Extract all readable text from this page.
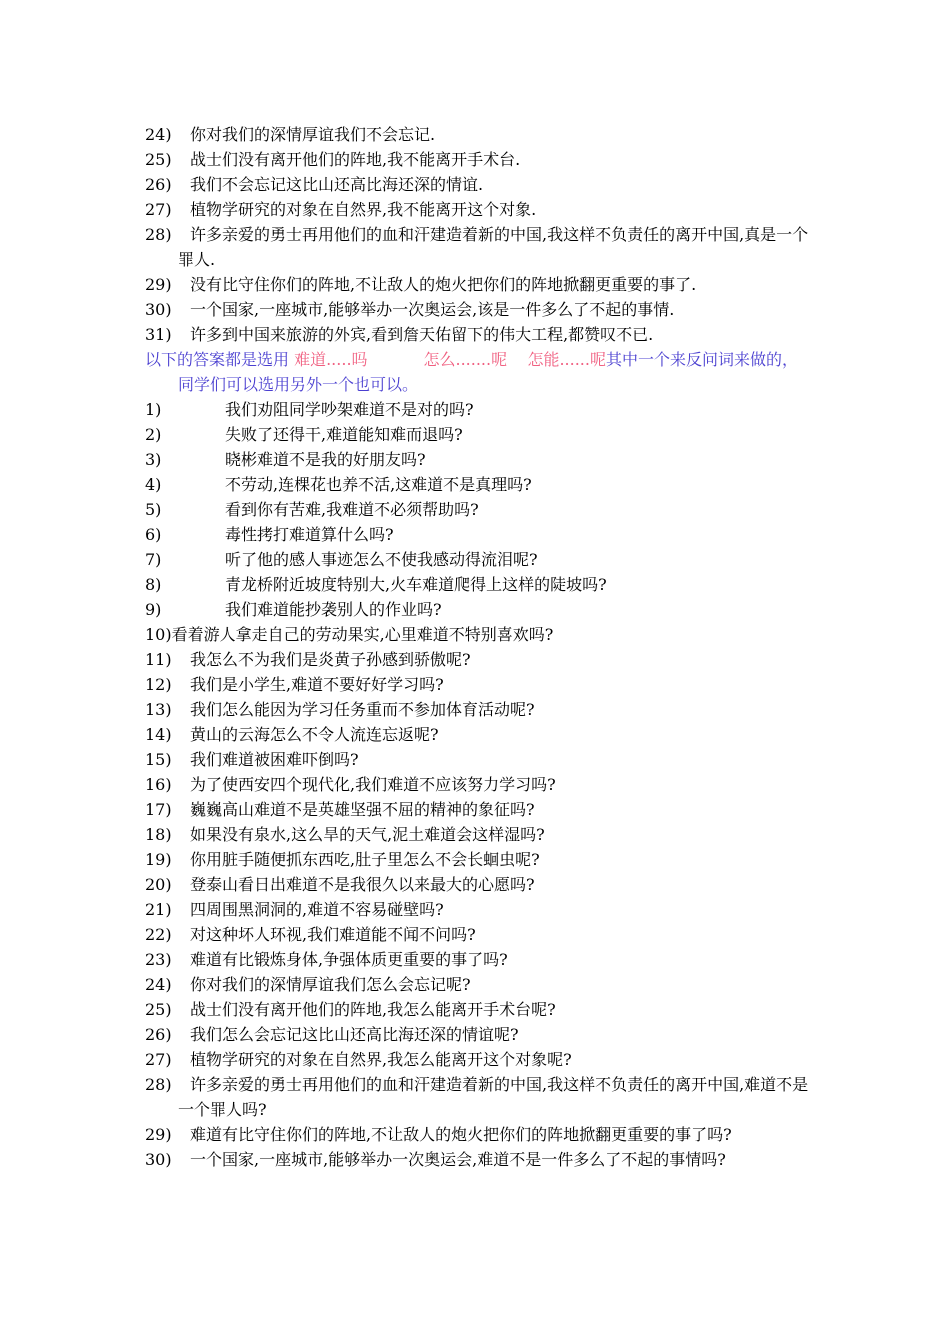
24) 你对我们的深情厚谊我们不会忘记.
25) 战士们没有离开他们的阵地,我不能离开手术台.
26) 我们不会忘记这比山还高比海还深的情谊.
27) 植物学研究的对象在自然界,我不能离开这个对象.
28) 许多亲爱的勇士再用他们的血和汗建造着新的中国,我这样不负责任的离开中国,真是一个罪人.
29) 没有比守住你们的阵地,不让敌人的炮火把你们的阵地掀翻更重要的事了.
30) 一个国家,一座城市,能够举办一次奥运会,该是一件多么了不起的事情.
31) 许多到中国来旅游的外宾,看到詹天佑留下的伟大工程,都赞叹不已.
以下的答案都是选用 难道.....吗	怎么.......呢 怎能......呢其中一个来反问词来做的，同学们可以选用另外一个也可以。
1)	我们劝阻同学吵架难道不是对的吗?
2)	失败了还得干,难道能知难而退吗?
3)	晓彬难道不是我的好朋友吗?
4)	不劳动,连棵花也养不活,这难道不是真理吗?
5)	看到你有苦难,我难道不必须帮助吗?
6)	毒性拷打难道算什么吗?
7)	听了他的感人事迹怎么不使我感动得流泪呢?
8)	青龙桥附近坡度特别大,火车难道爬得上这样的陡坡吗?
9)	我们难道能抄袭别人的作业吗?
10)看着游人拿走自己的劳动果实,心里难道不特别喜欢吗?
11) 我怎么不为我们是炎黄子孙感到骄傲呢?
12) 我们是小学生,难道不要好好学习吗?
13) 我们怎么能因为学习任务重而不参加体育活动呢?
14) 黄山的云海怎么不令人流连忘返呢?
15) 我们难道被困难吓倒吗?
16) 为了使西安四个现代化,我们难道不应该努力学习吗?
17) 巍巍高山难道不是英雄坚强不屈的精神的象征吗?
18) 如果没有泉水,这么旱的天气,泥土难道会这样湿吗?
19) 你用脏手随便抓东西吃,肚子里怎么不会长蛔虫呢?
20) 登泰山看日出难道不是我很久以来最大的心愿吗?
21) 四周围黑洞洞的,难道不容易碰壁吗?
22) 对这种坏人环视,我们难道能不闻不问吗?
23) 难道有比锻炼身体,争强体质更重要的事了吗?
24) 你对我们的深情厚谊我们怎么会忘记呢?
25) 战士们没有离开他们的阵地,我怎么能离开手术台呢?
26) 我们怎么会忘记这比山还高比海还深的情谊呢?
27) 植物学研究的对象在自然界,我怎么能离开这个对象呢?
28) 许多亲爱的勇士再用他们的血和汗建造着新的中国,我这样不负责任的离开中国,难道不是一个罪人吗?
29) 难道有比守住你们的阵地,不让敌人的炮火把你们的阵地掀翻更重要的事了吗?
30) 一个国家,一座城市,能够举办一次奥运会,难道不是一件多么了不起的事情吗?
